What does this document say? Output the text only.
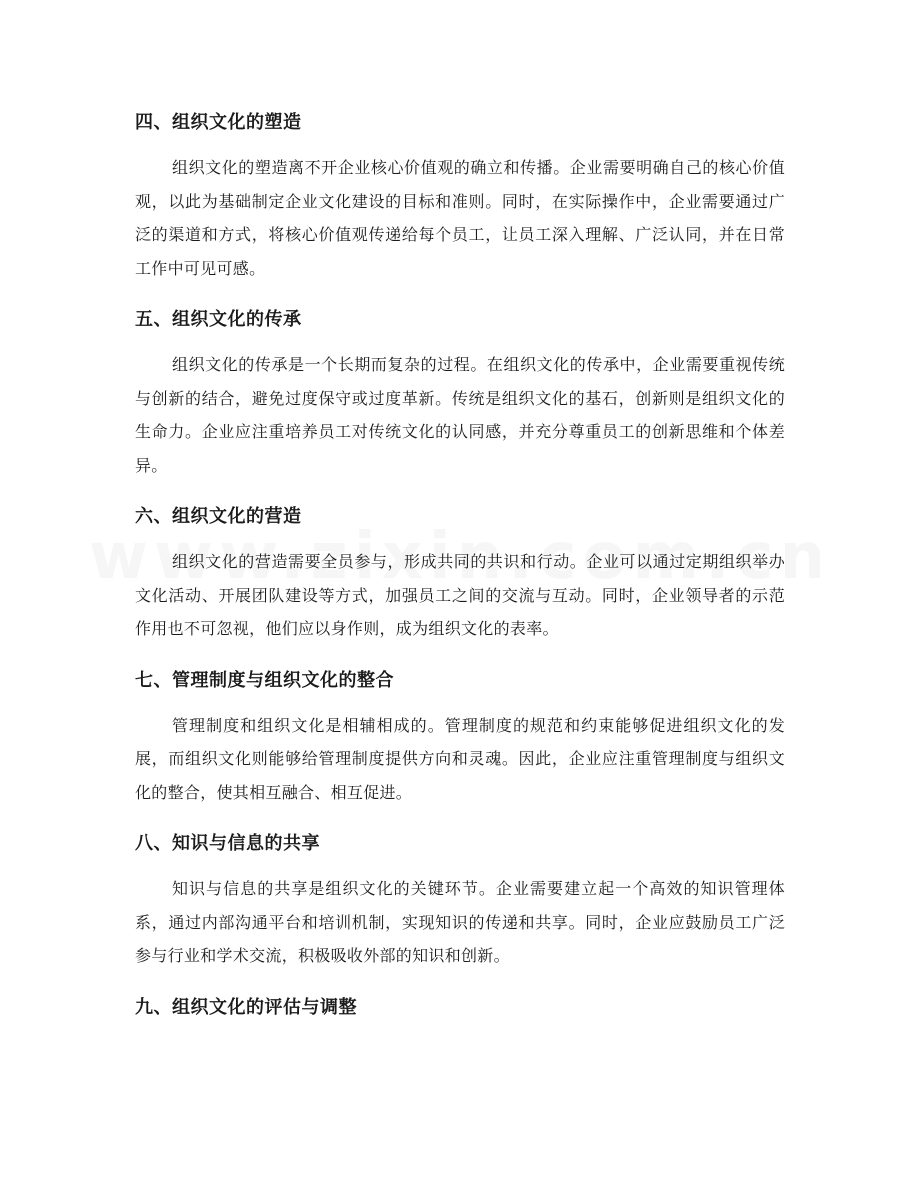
四、组织文化的塑造

组织文化的塑造离不开企业核心价值观的确立和传播。企业需要明确自己的核心价值观，以此为基础制定企业文化建设的目标和准则。同时，在实际操作中，企业需要通过广泛的渠道和方式，将核心价值观传递给每个员工，让员工深入理解、广泛认同，并在日常工作中可见可感。

五、组织文化的传承

组织文化的传承是一个长期而复杂的过程。在组织文化的传承中，企业需要重视传统与创新的结合，避免过度保守或过度革新。传统是组织文化的基石，创新则是组织文化的生命力。企业应注重培养员工对传统文化的认同感，并充分尊重员工的创新思维和个体差异。

六、组织文化的营造

组织文化的营造需要全员参与，形成共同的共识和行动。企业可以通过定期组织举办文化活动、开展团队建设等方式，加强员工之间的交流与互动。同时，企业领导者的示范作用也不可忽视，他们应以身作则，成为组织文化的表率。

七、管理制度与组织文化的整合

管理制度和组织文化是相辅相成的。管理制度的规范和约束能够促进组织文化的发展，而组织文化则能够给管理制度提供方向和灵魂。因此，企业应注重管理制度与组织文化的整合，使其相互融合、相互促进。

八、知识与信息的共享

知识与信息的共享是组织文化的关键环节。企业需要建立起一个高效的知识管理体系，通过内部沟通平台和培训机制，实现知识的传递和共享。同时，企业应鼓励员工广泛参与行业和学术交流，积极吸收外部的知识和创新。

九、组织文化的评估与调整
